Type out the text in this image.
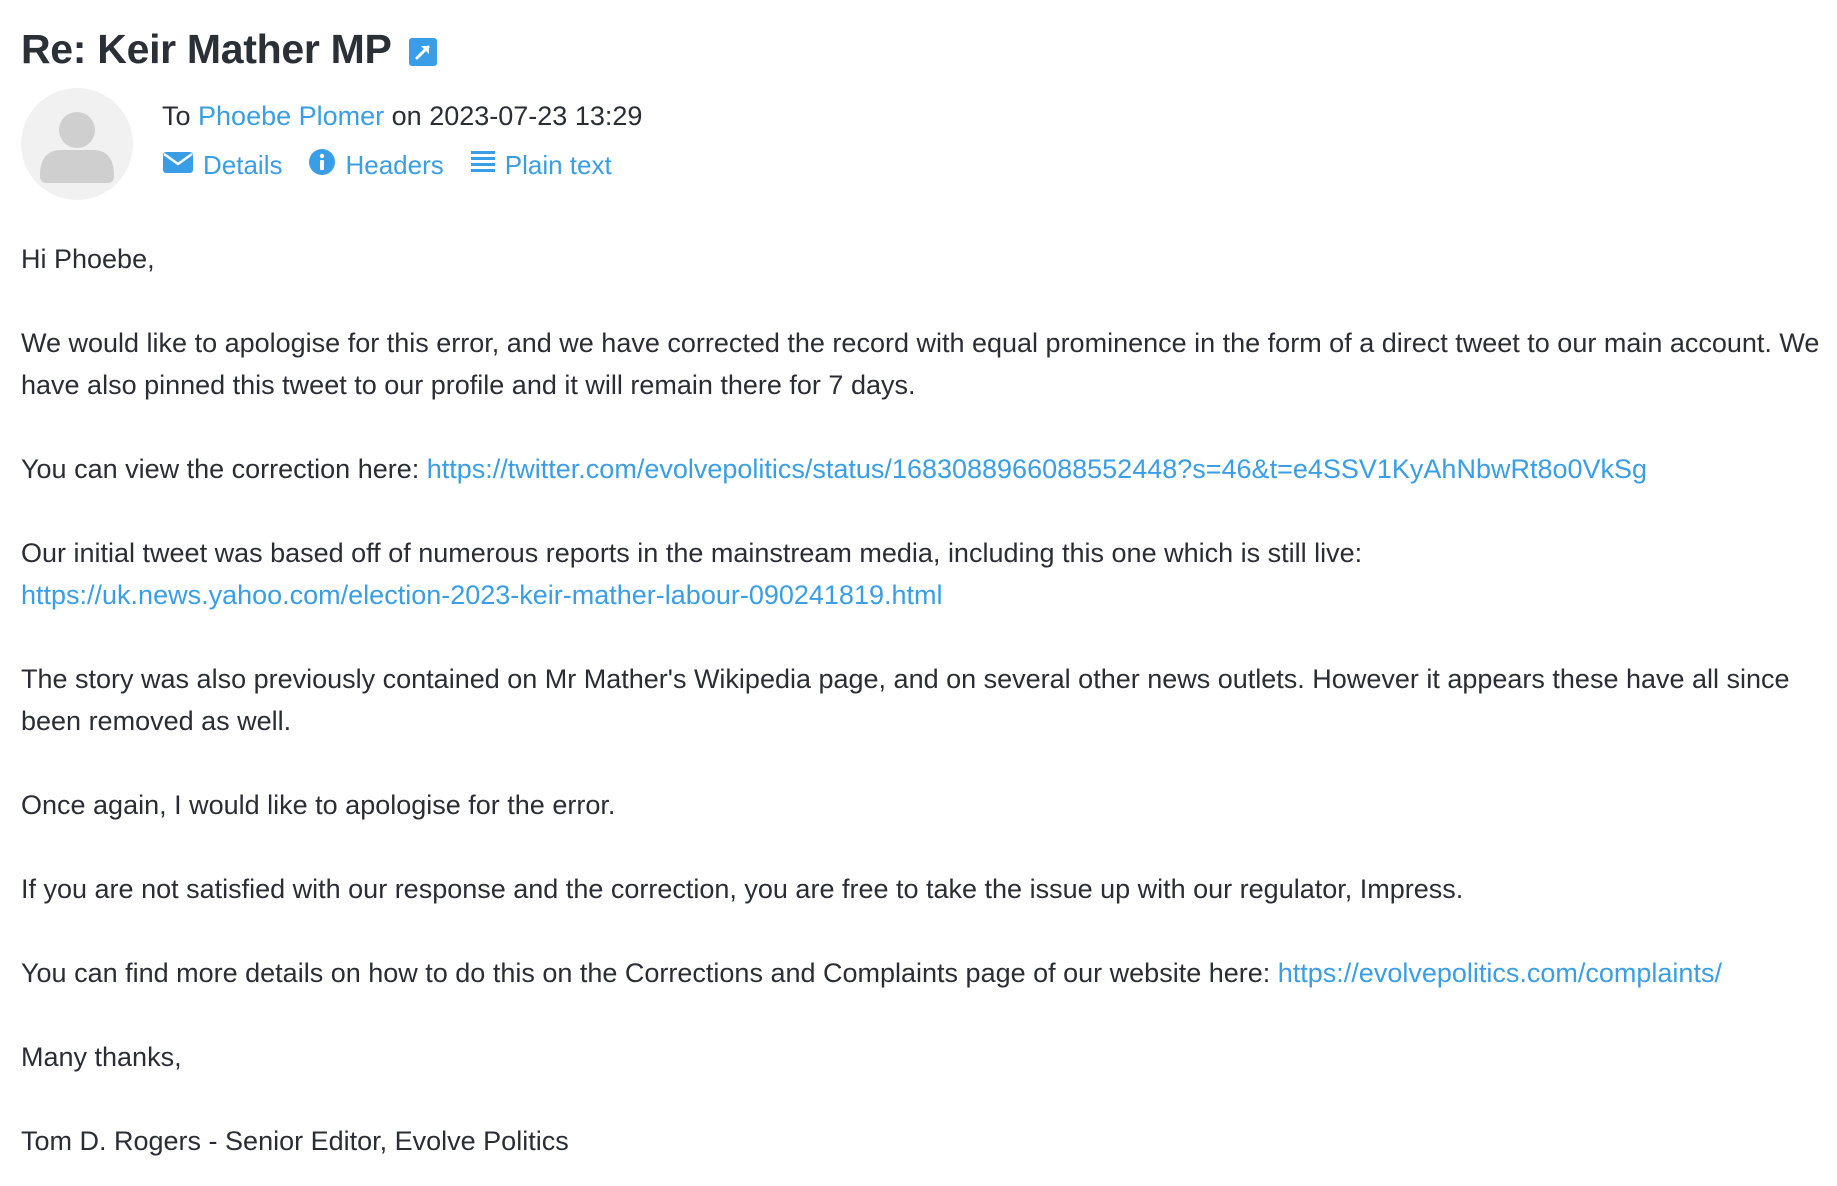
Re: Keir Mather MP
To Phoebe Plomer on 2023-07-23 13:29
Details Headers Plain text

Hi Phoebe,

We would like to apologise for this error, and we have corrected the record with equal prominence in the form of a direct tweet to our main account. We have also pinned this tweet to our profile and it will remain there for 7 days.

You can view the correction here: https://twitter.com/evolvepolitics/status/1683088966088552448?s=46&t=e4SSV1KyAhNbwRt8o0VkSg

Our initial tweet was based off of numerous reports in the mainstream media, including this one which is still live:
https://uk.news.yahoo.com/election-2023-keir-mather-labour-090241819.html

The story was also previously contained on Mr Mather's Wikipedia page, and on several other news outlets. However it appears these have all since been removed as well.

Once again, I would like to apologise for the error.

If you are not satisfied with our response and the correction, you are free to take the issue up with our regulator, Impress.

You can find more details on how to do this on the Corrections and Complaints page of our website here: https://evolvepolitics.com/complaints/

Many thanks,

Tom D. Rogers - Senior Editor, Evolve Politics
